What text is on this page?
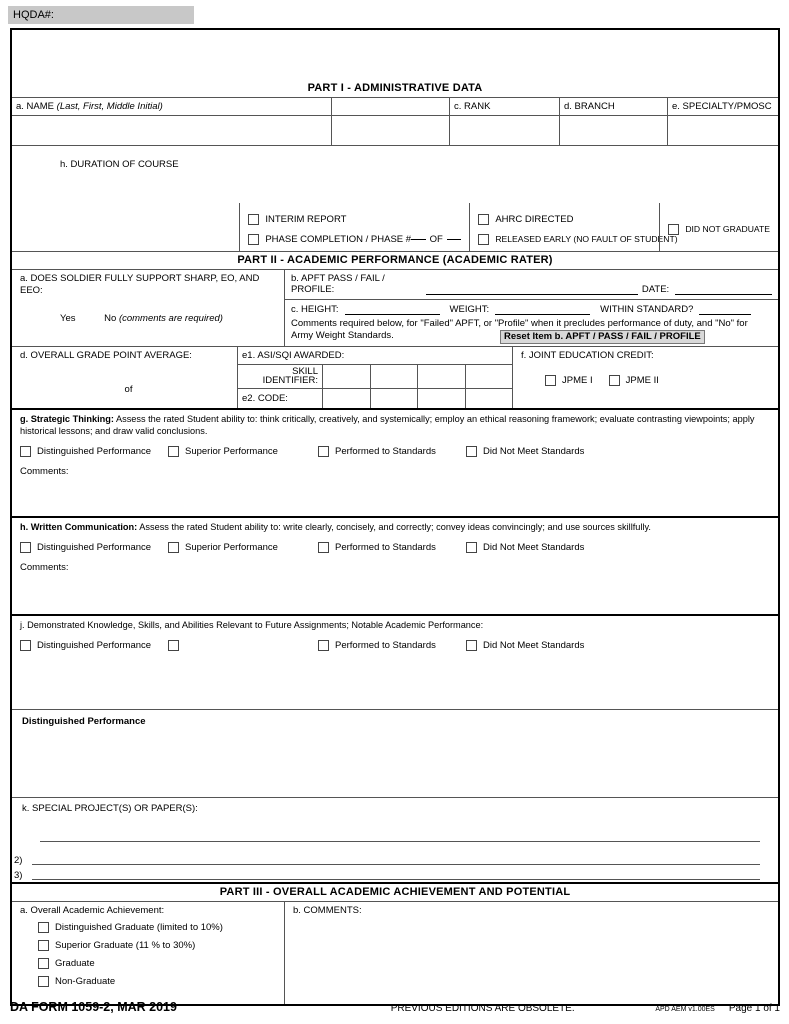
HQDA#:
PART I - ADMINISTRATIVE DATA
a. NAME (Last, First, Middle Initial)	c. RANK	d. BRANCH	e. SPECIALTY/PMOSC
h. DURATION OF COURSE
INTERIM REPORT
PHASE COMPLETION / PHASE # OF
AHRC DIRECTED
RELEASED EARLY (NO FAULT OF STUDENT)
DID NOT GRADUATE
PART II - ACADEMIC PERFORMANCE (ACADEMIC RATER)
a. DOES SOLDIER FULLY SUPPORT SHARP, EO, AND EEO:
Yes	No (comments are required)
b. APFT PASS / FAIL / PROFILE:	DATE:
c. HEIGHT:	WEIGHT:	WITHIN STANDARD?
Comments required below, for "Failed" APFT, or "Profile" when it precludes performance of duty, and "No" for Army Weight Standards.	Reset Item b. APFT / PASS / FAIL / PROFILE
d. OVERALL GRADE POINT AVERAGE:
of
e1. ASI/SQI AWARDED:
SKILL
IDENTIFIER:
e2. CODE:
f. JOINT EDUCATION CREDIT:
JPME I	JPME II
g. Strategic Thinking: Assess the rated Student ability to: think critically, creatively, and systemically; employ an ethical reasoning framework; evaluate contrasting viewpoints; apply historical lessons; and draw valid conclusions.
Distinguished Performance	Superior Performance	Performed to Standards	Did Not Meet Standards
Comments:
h. Written Communication: Assess the rated Student ability to: write clearly, concisely, and correctly; convey ideas convincingly; and use sources skillfully.
Distinguished Performance	Superior Performance	Performed to Standards	Did Not Meet Standards
Comments:
j. Demonstrated Knowledge, Skills, and Abilities Relevant to Future Assignments; Notable Academic Performance:
Distinguished Performance	Performed to Standards	Did Not Meet Standards
Distinguished Performance
k. SPECIAL PROJECT(S) OR PAPER(S):
2)
3)
PART III - OVERALL ACADEMIC ACHIEVEMENT AND POTENTIAL
a. Overall Academic Achievement:
Distinguished Graduate (limited to 10%)
Superior Graduate (11 % to 30%)
Graduate
Non-Graduate
b. COMMENTS:
DA FORM 1059-2, MAR 2019	PREVIOUS EDITIONS ARE OBSOLETE.	APD AEM v1.00ES Page 1 of 1
